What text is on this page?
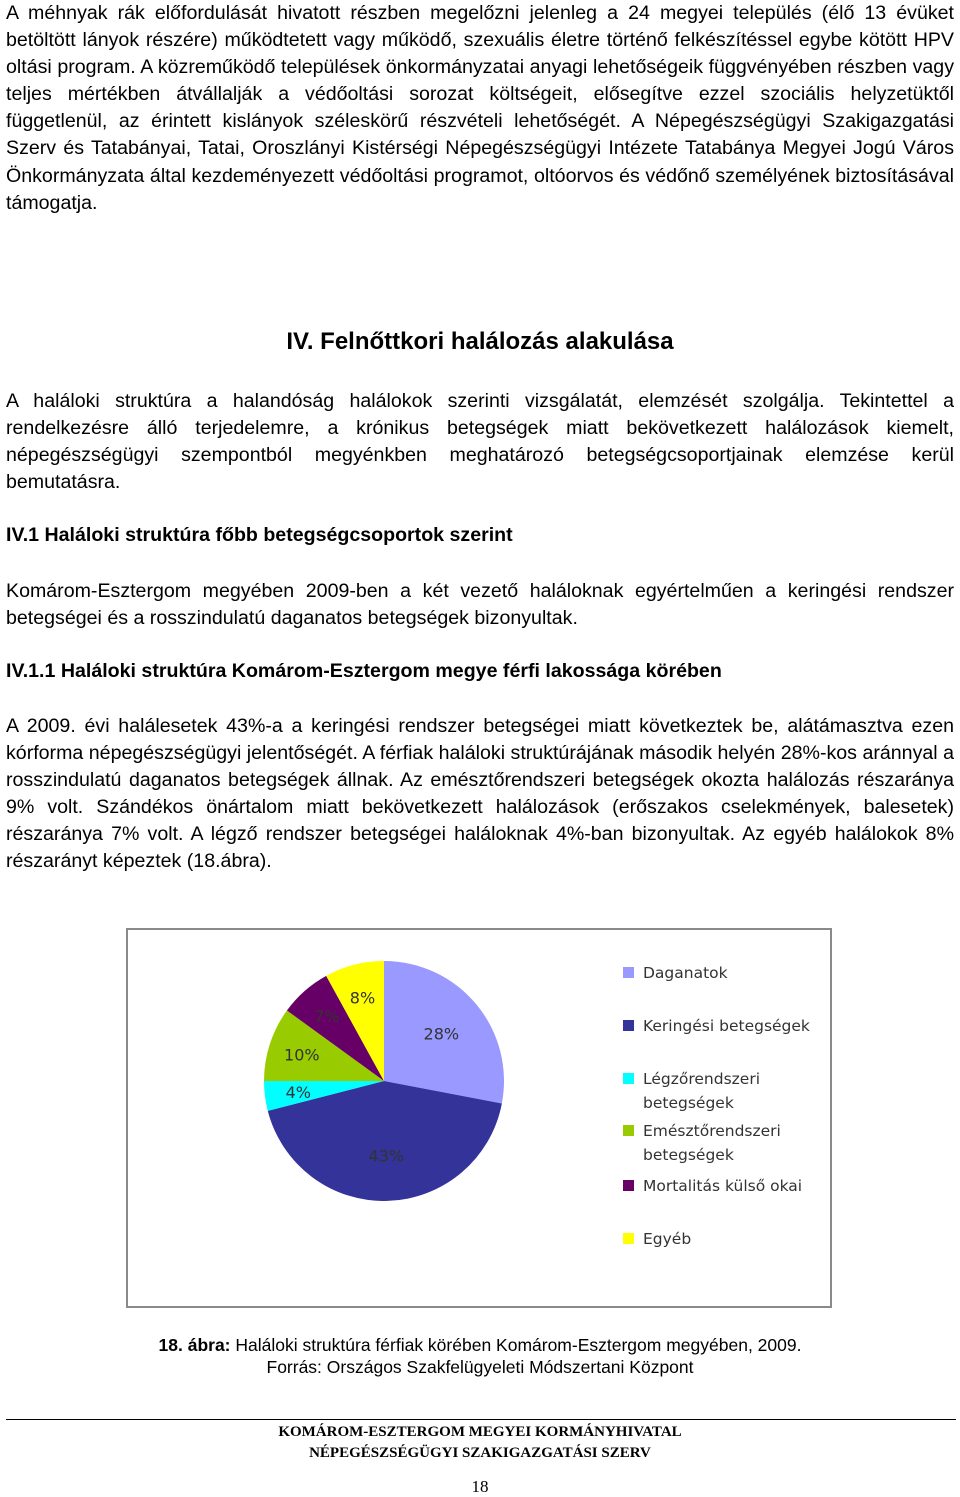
A méhnyak rák előfordulását hivatott részben megelőzni jelenleg a 24 megyei település (élő 13 évüket betöltött lányok részére) működtetett vagy működő, szexuális életre történő felkészítéssel egybe kötött HPV oltási program. A közreműködő települések önkormányzatai anyagi lehetőségeik függvényében részben vagy teljes mértékben átvállalják a védőoltási sorozat költségeit, elősegítve ezzel szociális helyzetüktől függetlenül, az érintett kislányok széleskörű részvételi lehetőségét. A Népegészségügyi Szakigazgatási Szerv és Tatabányai, Tatai, Oroszlányi Kistérségi Népegészségügyi Intézete Tatabánya Megyei Jogú Város Önkormányzata által kezdeményezett védőoltási programot, oltóorvos és védőnő személyének biztosításával támogatja.

IV. Felnőttkori halálozás alakulása

A haláloki struktúra a halandóság halálokok szerinti vizsgálatát, elemzését szolgálja. Tekintettel a rendelkezésre álló terjedelemre, a krónikus betegségek miatt bekövetkezett halálozások kiemelt, népegészségügyi szempontból megyénkben meghatározó betegségcsoportjainak elemzése kerül bemutatásra.

IV.1 Haláloki struktúra főbb betegségcsoportok szerint

Komárom-Esztergom megyében 2009-ben a két vezető haláloknak egyértelműen a keringési rendszer betegségei és a rosszindulatú daganatos betegségek bizonyultak.

IV.1.1 Haláloki struktúra Komárom-Esztergom megye férfi lakossága körében

A 2009. évi halálesetek 43%-a a keringési rendszer betegségei miatt következtek be, alátámasztva ezen kórforma népegészségügyi jelentőségét. A férfiak haláloki struktúrájának második helyén 28%-kos aránnyal a rosszindulatú daganatos betegségek állnak. Az emésztőrendszeri betegségek okozta halálozás részaránya 9% volt. Szándékos önártalom miatt bekövetkezett halálozások (erőszakos cselekmények, balesetek) részaránya 7% volt. A légző rendszer betegségei haláloknak 4%-ban bizonyultak. Az egyéb halálokok 8% részarányt képeztek (18.ábra).

28%
43%
4%
10%
7%
8%
Daganatok
Keringési betegségek
Légzőrendszeri
betegségek
Emésztőrendszeri
betegségek
Mortalitás külső okai
Egyéb

18. ábra: Haláloki struktúra férfiak körében Komárom-Esztergom megyében, 2009.

Forrás: Országos Szakfelügyeleti Módszertani Központ

KOMÁROM-ESZTERGOM MEGYEI KORMÁNYHIVATAL

NÉPEGÉSZSÉGÜGYI SZAKIGAZGATÁSI SZERV

18
